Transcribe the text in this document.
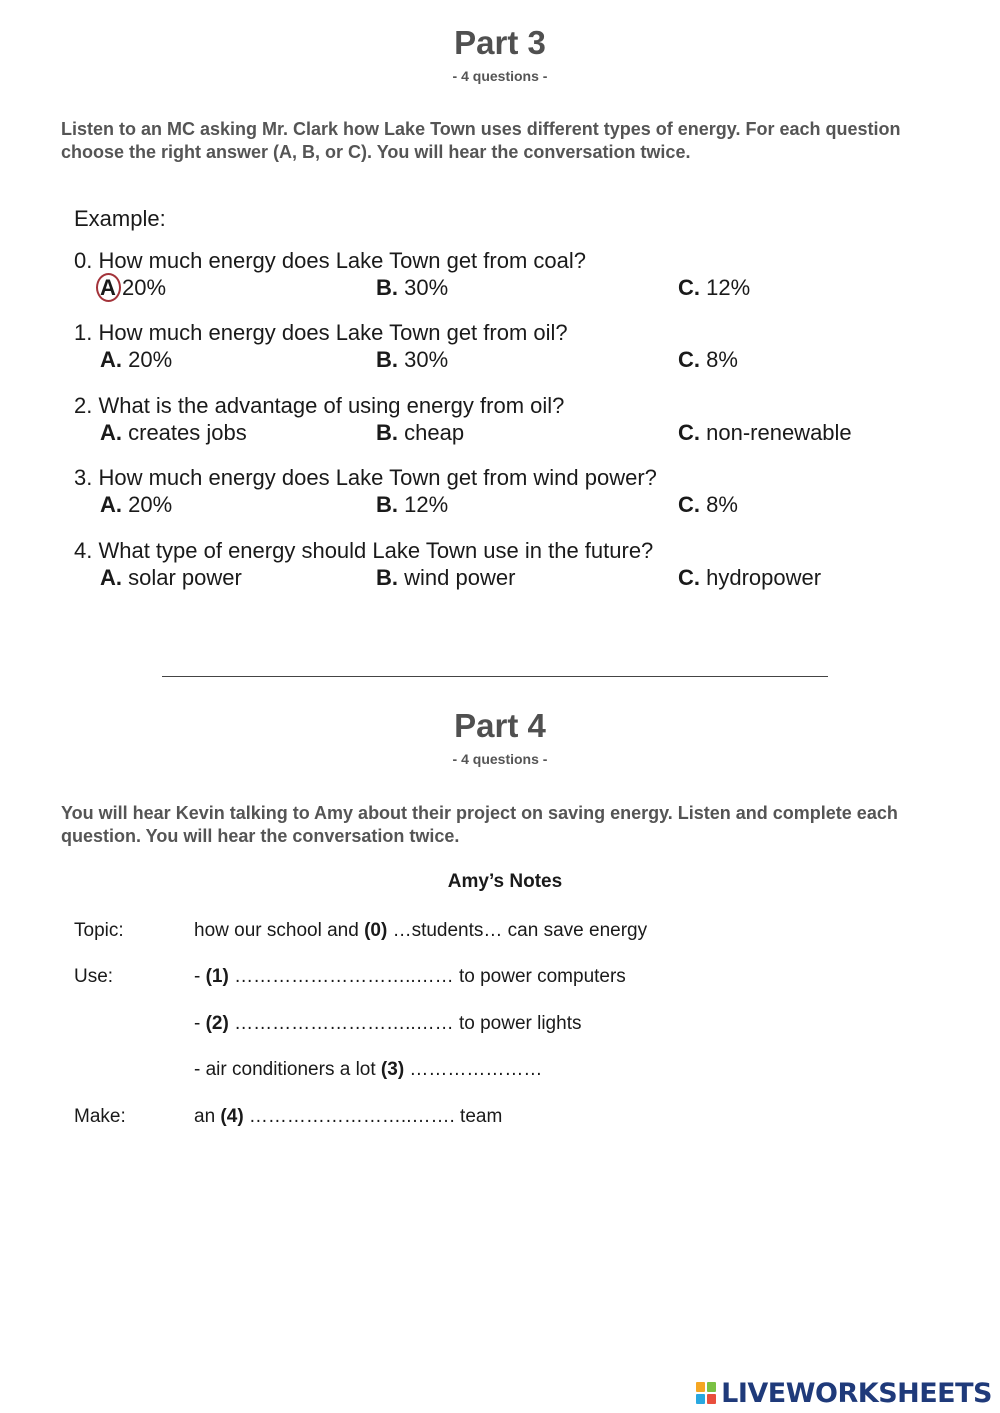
Part 3
- 4 questions -
Listen to an MC asking Mr. Clark how Lake Town uses different types of energy. For each question choose the right answer (A, B, or C). You will hear the conversation twice.
Example:
0. How much energy does Lake Town get from coal?
A 20%	B. 30%	C. 12%
1. How much energy does Lake Town get from oil?
A. 20%	B. 30%	C. 8%
2. What is the advantage of using energy from oil?
A. creates jobs	B. cheap	C. non-renewable
3. How much energy does Lake Town get from wind power?
A. 20%	B. 12%	C. 8%
4. What type of energy should Lake Town use in the future?
A. solar power	B. wind power	C. hydropower
Part 4
- 4 questions -
You will hear Kevin talking to Amy about their project on saving energy. Listen and complete each question. You will hear the conversation twice.
Amy’s Notes
Topic:	how our school and (0) …students… can save energy
Use:	- (1) ………………………..…… to power computers
- (2) ………………………..…… to power lights
- air conditioners a lot (3) …………………
Make:	an (4) ……………………..……. team
LIVEWORKSHEETS
